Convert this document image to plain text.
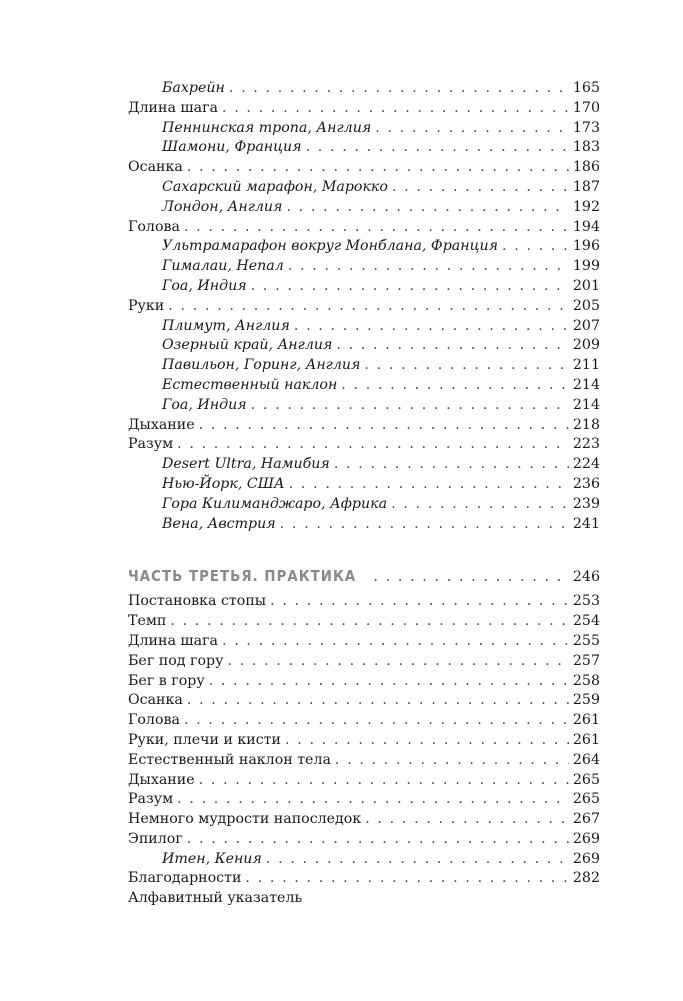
Бахрейн . . .	165
Длина шага . . .	170
Пеннинская тропа, Англия . . .	173
Шамони, Франция . . .	183
Осанка . . .	186
Сахарский марафон, Марокко . . .	187
Лондон, Англия . . .	192
Голова . . .	194
Ультрамарафон вокруг Монблана, Франция . . .	196
Гималаи, Непал . . .	199
Гоа, Индия . . .	201
Руки . . .	205
Плимут, Англия . . .	207
Озерный край, Англия . . .	209
Павильон, Горинг, Англия . . .	211
Естественный наклон . . .	214
Гоа, Индия . . .	214
Дыхание . . .	218
Разум . . .	223
Desert Ultra, Намибия . . .	224
Нью-Йорк, США . . .	236
Гора Килиманджаро, Африка . . .	239
Вена, Австрия . . .	241
ЧАСТЬ ТРЕТЬЯ. ПРАКТИКА . . .	246
Постановка стопы . . .	253
Темп . . .	254
Длина шага . . .	255
Бег под гору . . .	257
Бег в гору . . .	258
Осанка . . .	259
Голова . . .	261
Руки, плечи и кисти . . .	261
Естественный наклон тела . . .	264
Дыхание . . .	265
Разум . . .	265
Немного мудрости напоследок . . .	267
Эпилог . . .	269
Итен, Кения . . .	269
Благодарности . . .	282
Алфавитный указатель
